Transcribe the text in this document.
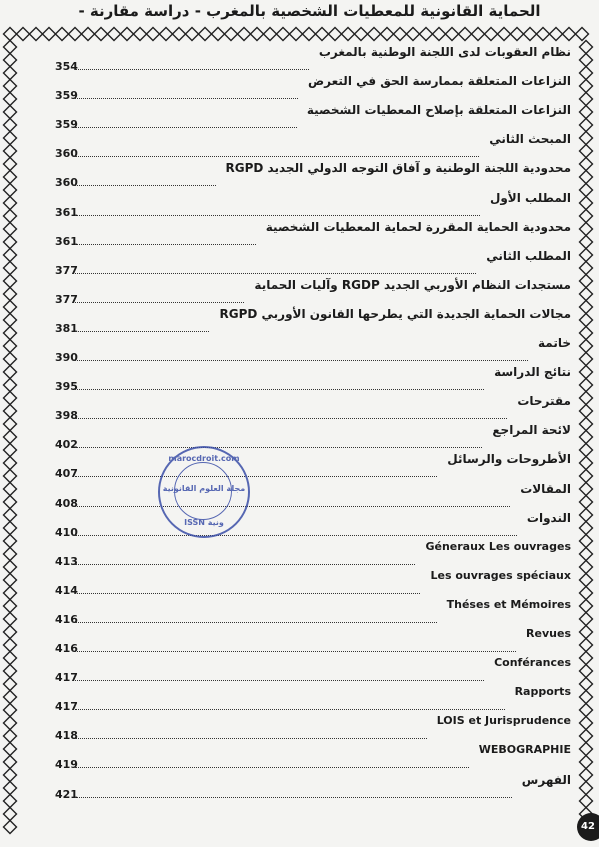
الحماية القانونية للمعطيات الشخصية بالمغرب - دراسة مقارنة -
نظام العقوبات لدى اللجنة الوطنية بالمغرب
354
النزاعات المتعلقة بممارسة الحق في التعرض
359
النزاعات المتعلقة بإصلاح المعطيات الشخصية
359
المبحث الثاني
360
محدودية اللجنة الوطنية و آفاق التوجه الدولي الجديد RGPD
360
المطلب الأول
361
محدودية الحماية المقررة لحماية المعطيات الشخصية
361
المطلب الثاني
377
مستجدات النظام الأوربي الجديد RGDP وآليات الحماية
377
مجالات الحماية الجديدة التي يطرحها القانون الأوربي RGPD
381
خاتمة
390
نتائج الدراسة
395
مقترحات
398
لائحة المراجع
402
الأطروحات والرسائل
407
المقالات
408
الندوات
410
Géneraux Les ouvrages
413
Les ouvrages spéciaux
414
Théses et Mémoires
416
Revues
416
Conférances
417
Rapports
417
LOIS et Jurisprudence
418
WEBOGRAPHIE
419
الفهرس
421
marocdroit.com
مجلة العلوم القانونية
ISSN ونية
42
